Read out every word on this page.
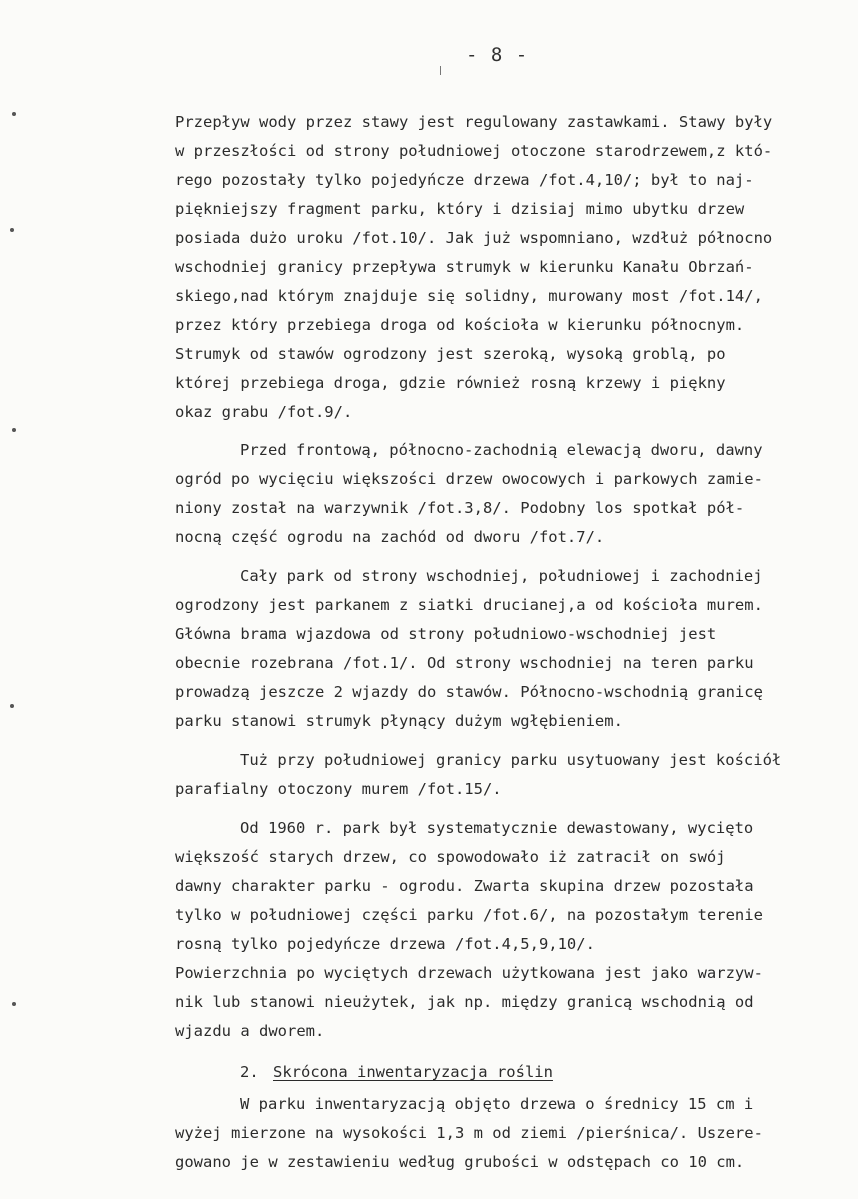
- 8 -
Przepływ wody przez stawy jest regulowany zastawkami. Stawy były
w przeszłości od strony południowej otoczone starodrzewem,z któ-
rego pozostały tylko pojedyńcze drzewa /fot.4,10/; był to naj-
piękniejszy fragment parku, który i dzisiaj mimo ubytku drzew
posiada dużo uroku /fot.10/. Jak już wspomniano, wzdłuż północno
wschodniej granicy przepływa strumyk w kierunku Kanału Obrzań-
skiego,nad którym znajduje się solidny, murowany most /fot.14/,
przez który przebiega droga od kościoła w kierunku północnym.
Strumyk od stawów ogrodzony jest szeroką, wysoką groblą, po
której przebiega droga, gdzie również rosną krzewy i piękny
okaz grabu /fot.9/.
Przed frontową, północno-zachodnią elewacją dworu, dawny
ogród po wycięciu większości drzew owocowych i parkowych zamie-
niony został na warzywnik /fot.3,8/. Podobny los spotkał pół-
nocną część ogrodu na zachód od dworu /fot.7/.
Cały park od strony wschodniej, południowej i zachodniej
ogrodzony jest parkanem z siatki drucianej,a od kościoła murem.
Główna brama wjazdowa od strony południowo-wschodniej jest
obecnie rozebrana /fot.1/. Od strony wschodniej na teren parku
prowadzą jeszcze 2 wjazdy do stawów. Północno-wschodnią granicę
parku stanowi strumyk płynący dużym wgłębieniem.
Tuż przy południowej granicy parku usytuowany jest kościół
parafialny otoczony murem /fot.15/.
Od 1960 r. park był systematycznie dewastowany, wycięto
większość starych drzew, co spowodowało iż zatracił on swój
dawny charakter parku - ogrodu. Zwarta skupina drzew pozostała
tylko w południowej części parku /fot.6/, na pozostałym terenie
rosną tylko pojedyńcze drzewa /fot.4,5,9,10/.
Powierzchnia po wyciętych drzewach użytkowana jest jako warzyw-
nik lub stanowi nieużytek, jak np. między granicą wschodnią od
wjazdu a dworem.
2. Skrócona inwentaryzacja roślin
W parku inwentaryzacją objęto drzewa o średnicy 15 cm i
wyżej mierzone na wysokości 1,3 m od ziemi /pierśnica/. Uszere-
gowano je w zestawieniu według grubości w odstępach co 10 cm.
